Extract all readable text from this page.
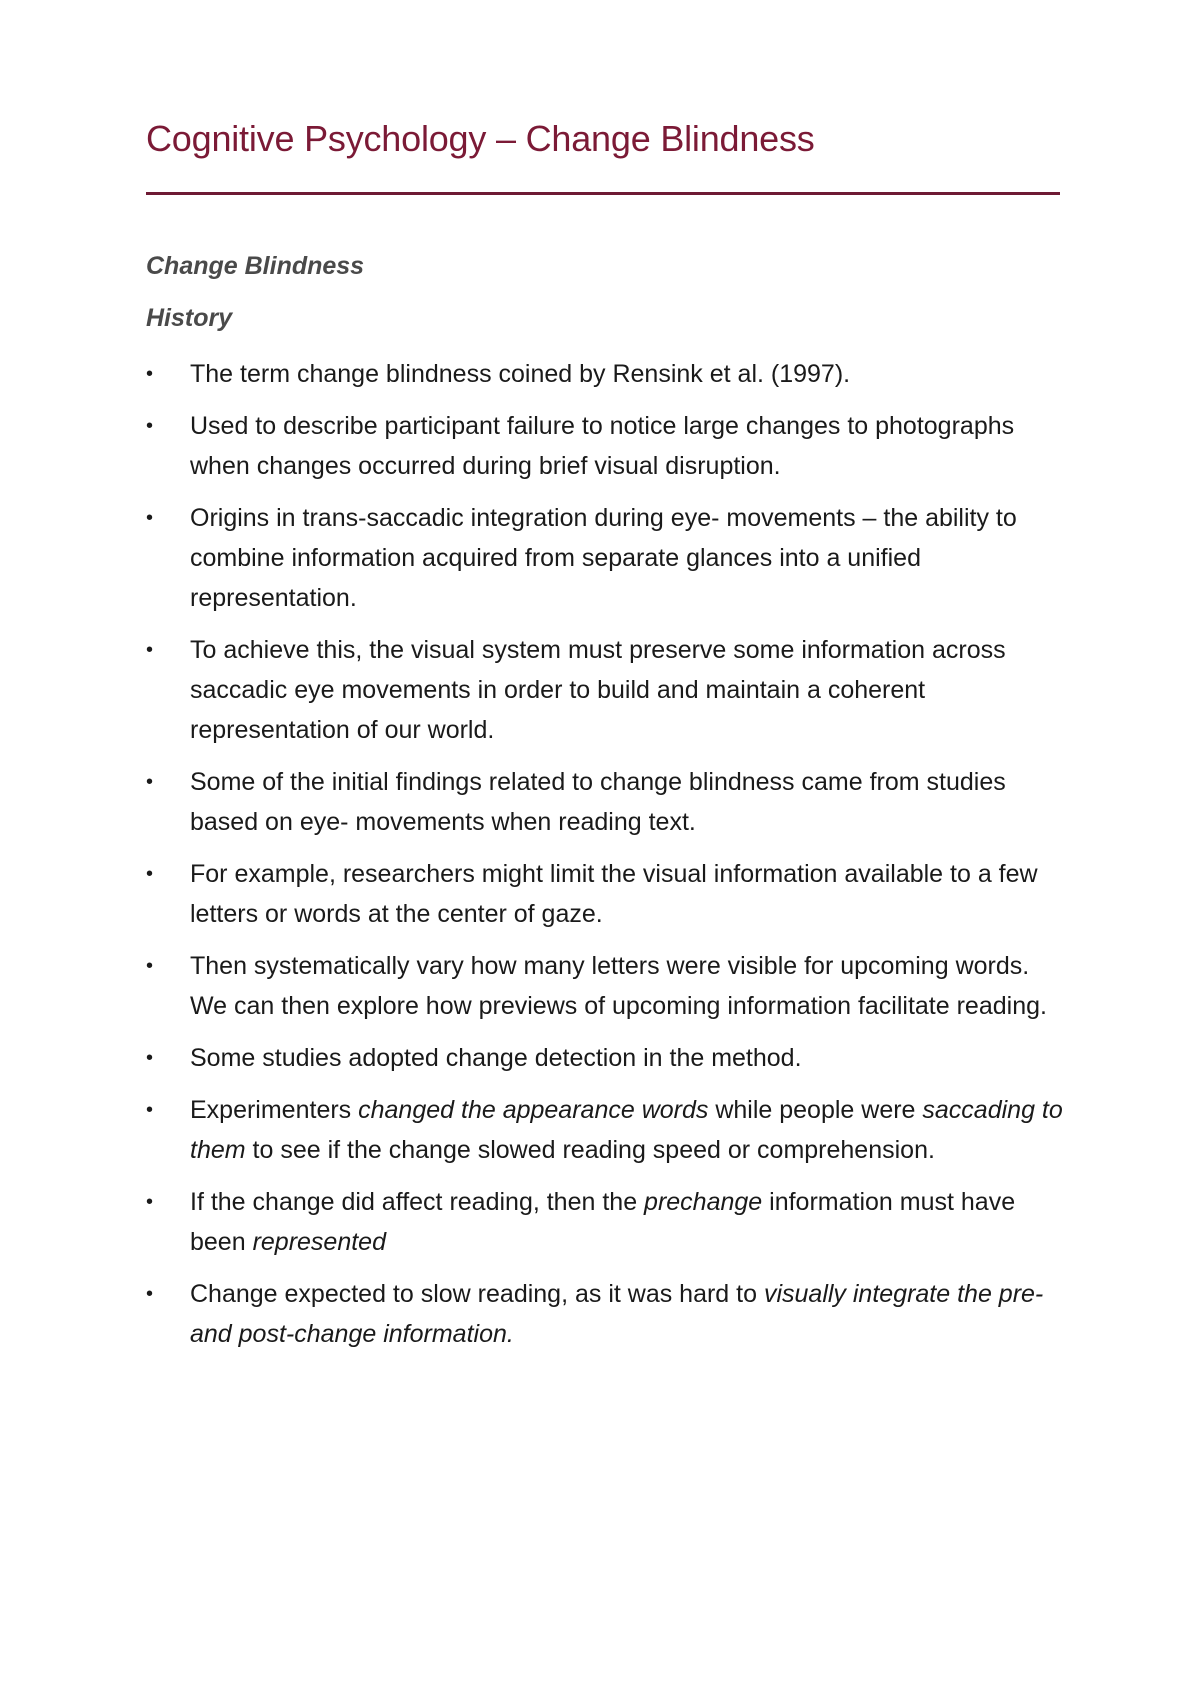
Cognitive Psychology – Change Blindness
Change Blindness
History
•	The term change blindness coined by Rensink et al. (1997).
•	Used to describe participant failure to notice large changes to photographs when changes occurred during brief visual disruption.
•	Origins in trans-saccadic integration during eye- movements – the ability to combine information acquired from separate glances into a unified representation.
•	To achieve this, the visual system must preserve some information across saccadic eye movements in order to build and maintain a coherent representation of our world.
•	Some of the initial findings related to change blindness came from studies based on eye- movements when reading text.
•	For example, researchers might limit the visual information available to a few letters or words at the center of gaze.
•	Then systematically vary how many letters were visible for upcoming words. We can then explore how previews of upcoming information facilitate reading.
•	Some studies adopted change detection in the method.
•	Experimenters changed the appearance words while people were saccading to them to see if the change slowed reading speed or comprehension.
•	If the change did affect reading, then the prechange information must have been represented
•	Change expected to slow reading, as it was hard to visually integrate the pre- and post-change information.
